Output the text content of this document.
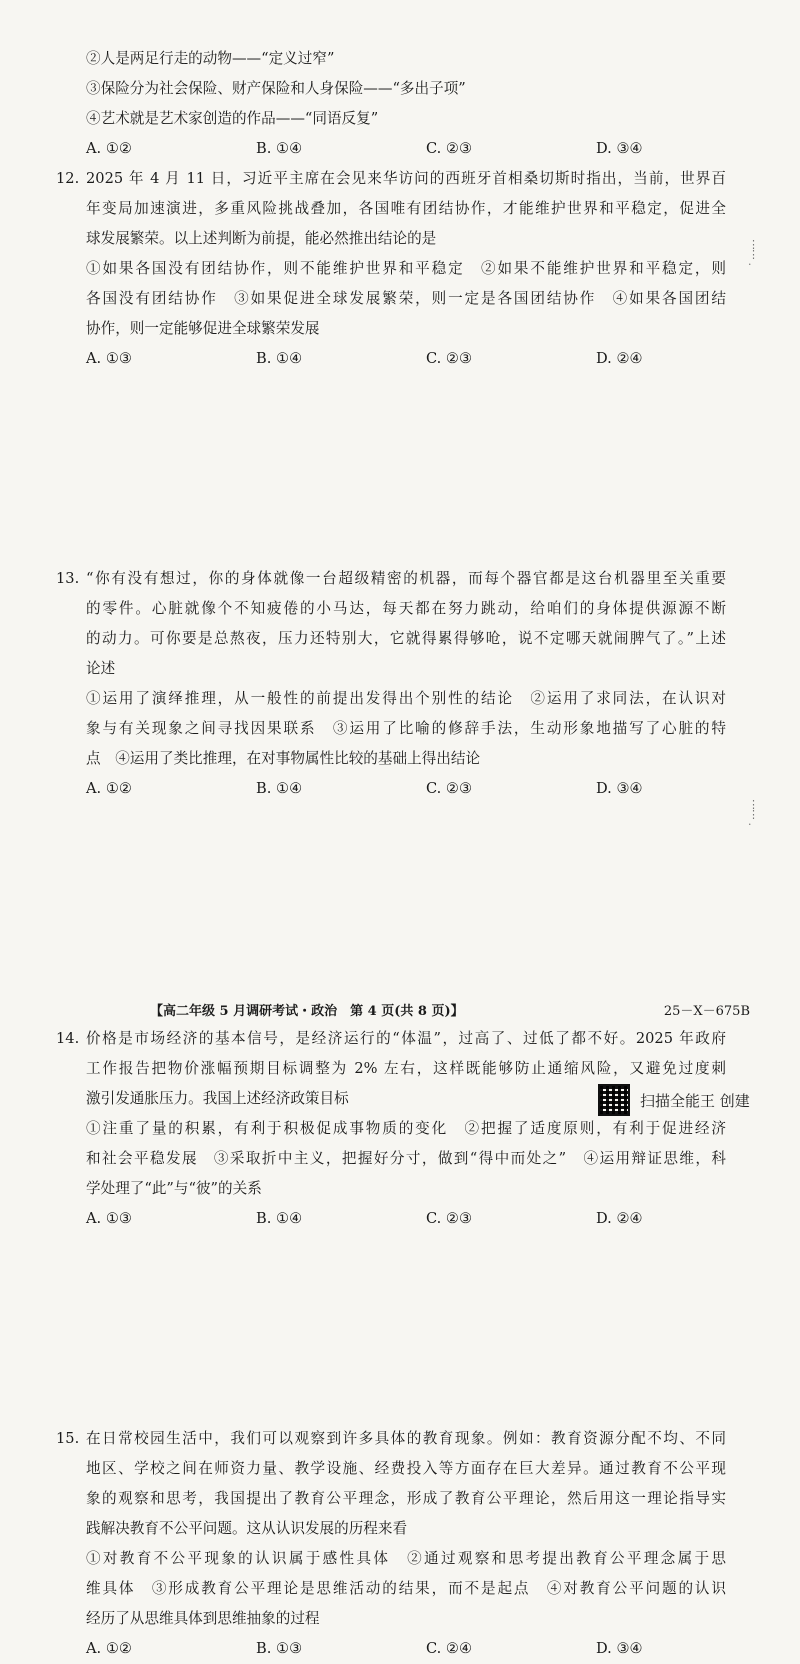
②人是两足行走的动物——“定义过窄”
③保险分为社会保险、财产保险和人身保险——“多出子项”
④艺术就是艺术家创造的作品——“同语反复”
A. ①②	B. ①④	C. ②③	D. ③④
12. 2025 年 4 月 11 日，习近平主席在会见来华访问的西班牙首相桑切斯时指出，当前，世界百
年变局加速演进，多重风险挑战叠加，各国唯有团结协作，才能维护世界和平稳定，促进全
球发展繁荣。以上述判断为前提，能必然推出结论的是
①如果各国没有团结协作，则不能维护世界和平稳定　②如果不能维护世界和平稳定，则
各国没有团结协作　③如果促进全球发展繁荣，则一定是各国团结协作　④如果各国团结
协作，则一定能够促进全球繁荣发展
A. ①③	B. ①④	C. ②③	D. ②④
13. “你有没有想过，你的身体就像一台超级精密的机器，而每个器官都是这台机器里至关重要
的零件。心脏就像个不知疲倦的小马达，每天都在努力跳动，给咱们的身体提供源源不断
的动力。可你要是总熬夜，压力还特别大，它就得累得够呛，说不定哪天就闹脾气了。”上述
论述
①运用了演绎推理，从一般性的前提出发得出个别性的结论　②运用了求同法，在认识对
象与有关现象之间寻找因果联系　③运用了比喻的修辞手法，生动形象地描写了心脏的特
点　④运用了类比推理，在对事物属性比较的基础上得出结论
A. ①②	B. ①④	C. ②③	D. ③④
14. 价格是市场经济的基本信号，是经济运行的“体温”，过高了、过低了都不好。2025 年政府
工作报告把物价涨幅预期目标调整为 2% 左右，这样既能够防止通缩风险，又避免过度刺
激引发通胀压力。我国上述经济政策目标
①注重了量的积累，有利于积极促成事物质的变化　②把握了适度原则，有利于促进经济
和社会平稳发展　③采取折中主义，把握好分寸，做到“得中而处之”　④运用辩证思维，科
学处理了“此”与“彼”的关系
A. ①③	B. ①④	C. ②③	D. ②④
15. 在日常校园生活中，我们可以观察到许多具体的教育现象。例如：教育资源分配不均、不同
地区、学校之间在师资力量、教学设施、经费投入等方面存在巨大差异。通过教育不公平现
象的观察和思考，我国提出了教育公平理念，形成了教育公平理论，然后用这一理论指导实
践解决教育不公平问题。这从认识发展的历程来看
①对教育不公平现象的认识属于感性具体　②通过观察和思考提出教育公平理念属于思
维具体　③形成教育公平理论是思维活动的结果，而不是起点　④对教育公平问题的认识
经历了从思维具体到思维抽象的过程
A. ①②	B. ①③	C. ②④	D. ③④
【高二年级 5 月调研考试・政治　第 4 页(共 8 页)】	25－X－675B
⋮
⋮
·
⋮
⋮
·
扫描全能王 创建
